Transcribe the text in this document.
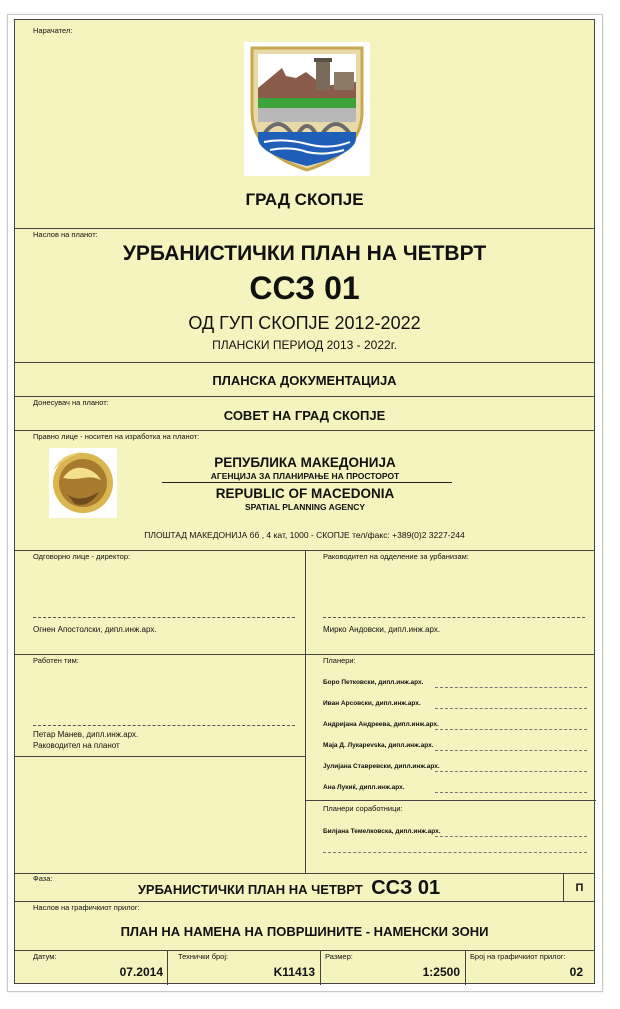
Нарачател:
ГРАД СКОПЈЕ
Наслов на планот:
УРБАНИСТИЧКИ ПЛАН НА ЧЕТВРТ
ССЗ 01
ОД ГУП СКОПЈЕ 2012-2022
ПЛАНСКИ ПЕРИОД 2013 - 2022г.
ПЛАНСКА ДОКУМЕНТАЦИЈА
Донесувач на планот:
СОВЕТ НА ГРАД СКОПЈЕ
Правно лице - носител на изработка на планот:
РЕПУБЛИКА МАКЕДОНИЈА
АГЕНЦИЈА ЗА ПЛАНИРАЊЕ НА ПРОСТОРОТ
REPUBLIC OF MACEDONIA
SPATIAL PLANNING AGENCY
ПЛОШТАД МАКЕДОНИЈА бб , 4 кат, 1000 - СКОПЈЕ тел/факс: +389(0)2 3227-244
Одговорно лице - директор:
Огнен Апостолски, дипл.инж.арх.
Раководител на одделение за урбанизам:
Мирко Андовски, дипл.инж.арх.
Работен тим:
Петар Манев, дипл.инж.арх.
Раководител на планот
Планери:
Боро Петковски, дипл.инж.арх.
Иван Арсовски, дипл.инж.арх.
Андријана Андреева, дипл.инж.арх.
Маја Д. Лукарevska, дипл.инж.арх.
Јулијана Ставревски, дипл.инж.арх.
Ана Лукиќ, дипл.инж.арх.
Планери соработници:
Билјана Темелковска, дипл.инж.арх.
Фаза:
УРБАНИСТИЧКИ ПЛАН НА ЧЕТВРТ ССЗ 01	П
Наслов на графичкиот прилог:
ПЛАН НА НАМЕНА НА ПОВРШИНИТЕ - НАМЕНСКИ ЗОНИ
Датум:
07.2014
Технички број:
K11413
Размер:
1:2500
Број на графичкиот прилог:
02
